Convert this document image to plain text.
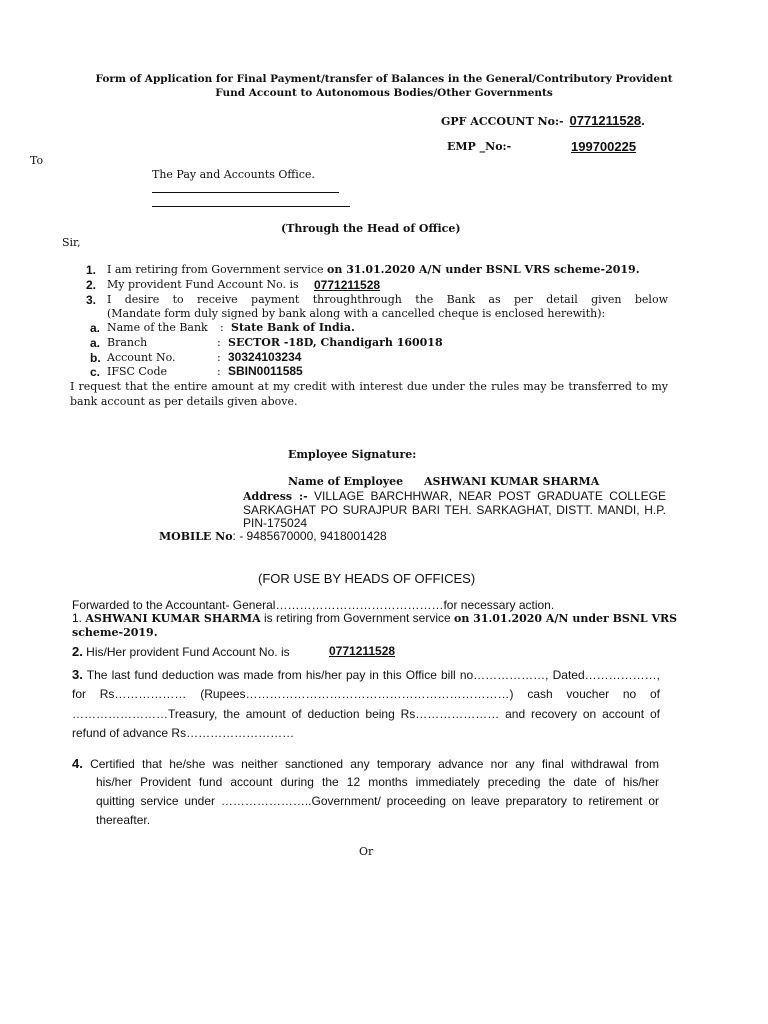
Form of Application for Final Payment/transfer of Balances in the General/Contributory Provident
Fund Account to Autonomous Bodies/Other Governments
GPF ACCOUNT No:- 0771211528.
EMP _No:-	199700225
To
The Pay and Accounts Office.
(Through the Head of Office)
Sir,
1. I am retiring from Government service on 31.01.2020 A/N under BSNL VRS scheme-2019.
2. My provident Fund Account No. is 0771211528
3. I desire to receive payment throughthrough the Bank as per detail given below
(Mandate form duly signed by bank along with a cancelled cheque is enclosed herewith):
a. Name of the Bank : State Bank of India.
a. Branch	: SECTOR -18D, Chandigarh 160018
b. Account No.	: 30324103234
c. IFSC Code	: SBIN0011585
I request that the entire amount at my credit with interest due under the rules may be transferred to my
bank account as per details given above.
Employee Signature:
Name of Employee ASHWANI KUMAR SHARMA
Address :- VILLAGE BARCHHWAR, NEAR POST GRADUATE COLLEGE
SARKAGHAT PO SURAJPUR BARI TEH. SARKAGHAT, DISTT. MANDI, H.P.
PIN-175024
MOBILE No: - 9485670000, 9418001428
(FOR USE BY HEADS OF OFFICES)
Forwarded to the Accountant- General……………………………………for necessary action.
1. ASHWANI KUMAR SHARMA is retiring from Government service on 31.01.2020 A/N under BSNL VRS
scheme-2019.
2. His/Her provident Fund Account No. is	0771211528
3. The last fund deduction was made from his/her pay in this Office bill no………………, Dated………………,
for Rs……………… (Rupees…………………………………………………………) cash voucher no of
……………………Treasury, the amount of deduction being Rs………………… and recovery on account of
refund of advance Rs………………………
4. Certified that he/she was neither sanctioned any temporary advance nor any final withdrawal from
his/her Provident fund account during the 12 months immediately preceding the date of his/her
quitting service under …………………..Government/ proceeding on leave preparatory to retirement or
thereafter.
Or
